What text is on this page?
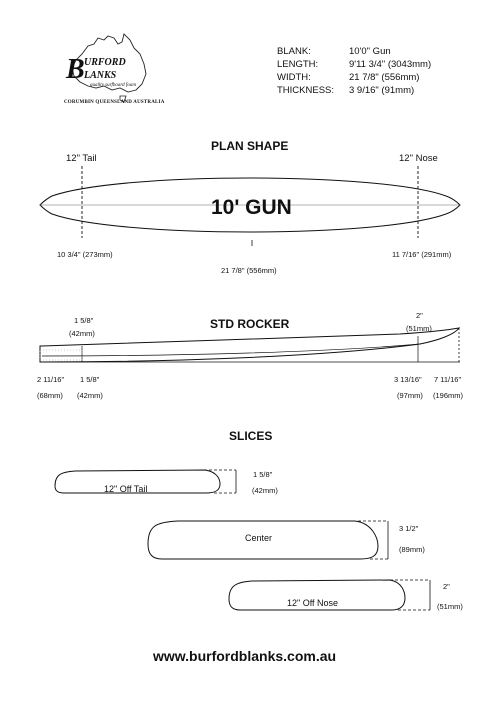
B URFORD
LANKS
quality surfboard foam
CORUMBIN QUEENSLAND AUSTRALIA
BLANK:	10'0" Gun
LENGTH:	9'11 3/4" (3043mm)
WIDTH:	21 7/8" (556mm)
THICKNESS: 3 9/16" (91mm)
PLAN SHAPE
12" Tail	12" Nose
10' GUN
10 3/4" (273mm)
21 7/8" (556mm)
11 7/16" (291mm)
STD ROCKER
1 5/8"
(42mm)
2"
(51mm)
2 11/16"
(68mm)
1 5/8"
(42mm)
3 13/16"
(97mm)
7 11/16"
(196mm)
SLICES
12" Off Tail
1 5/8"
(42mm)
Center
3 1/2"
(89mm)
12" Off Nose
2"
(51mm)
www.burfordblanks.com.au
